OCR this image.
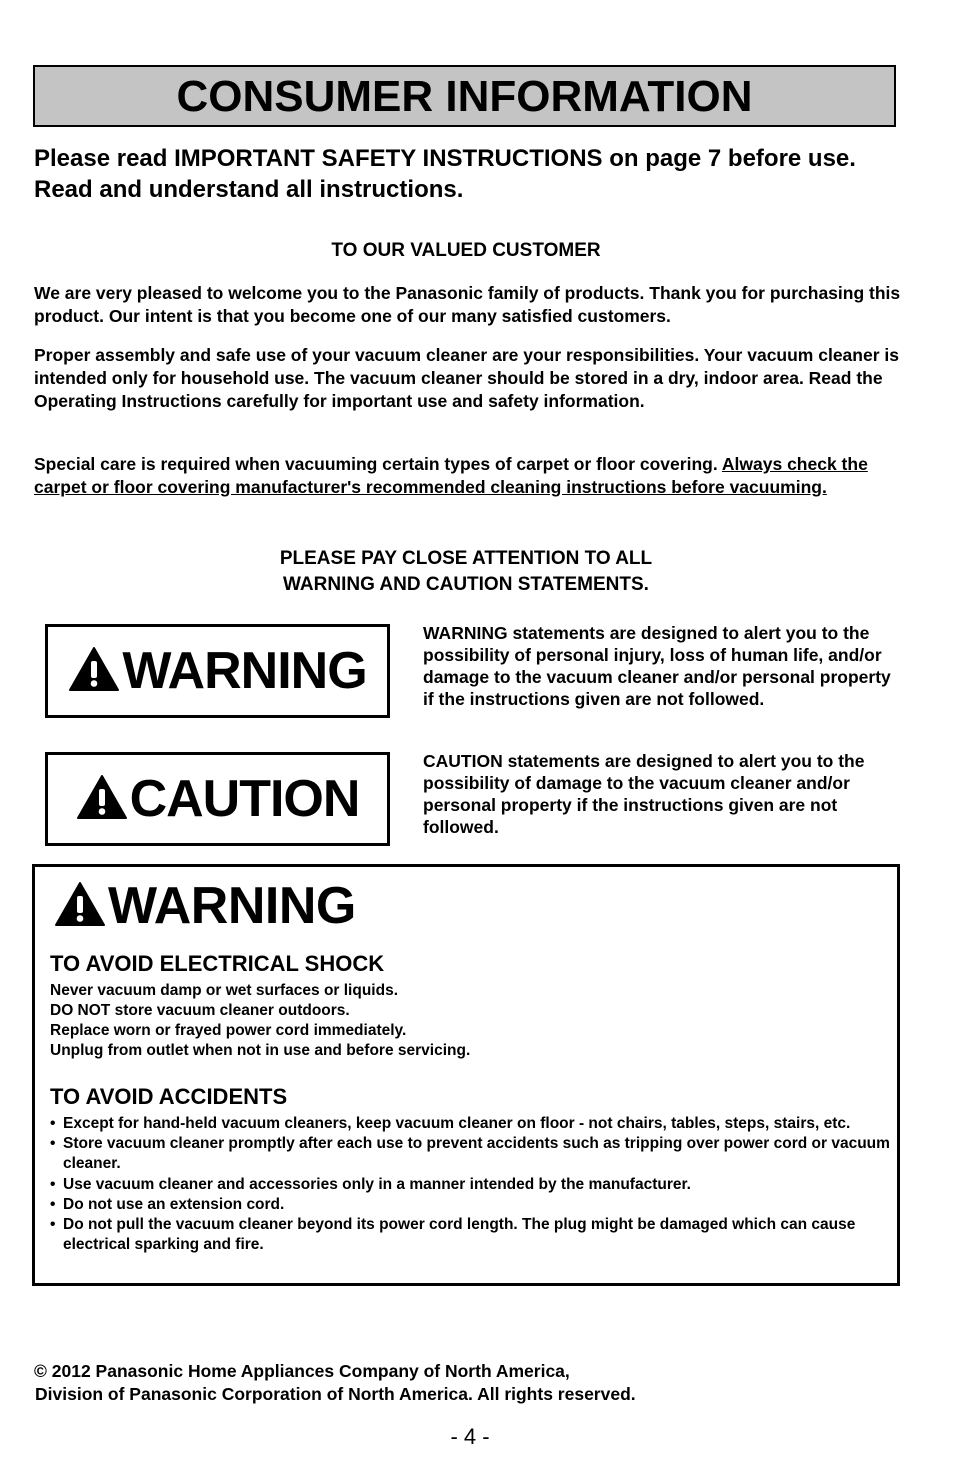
CONSUMER INFORMATION
Please read IMPORTANT SAFETY INSTRUCTIONS on page 7 before use. Read and understand all instructions.
TO OUR VALUED CUSTOMER

We are very pleased to welcome you to the Panasonic family of products. Thank you for purchasing this product. Our intent is that you become one of our many satisfied customers.

Proper assembly and safe use of your vacuum cleaner are your responsibilities. Your vacuum cleaner is intended only for household use. The vacuum cleaner should be stored in a dry, indoor area. Read the Operating Instructions carefully for important use and safety information.

Special care is required when vacuuming certain types of carpet or floor covering. Always check the carpet or floor covering manufacturer's recommended cleaning instructions before vacuuming.

PLEASE PAY CLOSE ATTENTION TO ALL
WARNING AND CAUTION STATEMENTS.
WARNING
WARNING statements are designed to alert you to the possibility of personal injury, loss of human life, and/or damage to the vacuum cleaner and/or personal property if the instructions given are not followed.
CAUTION
CAUTION statements are designed to alert you to the possibility of damage to the vacuum cleaner and/or personal property if the instructions given are not followed.
WARNING
TO AVOID ELECTRICAL SHOCK
Never vacuum damp or wet surfaces or liquids.
DO NOT store vacuum cleaner outdoors.
Replace worn or frayed power cord immediately.
Unplug from outlet when not in use and before servicing.
TO AVOID ACCIDENTS
• Except for hand-held vacuum cleaners, keep vacuum cleaner on floor - not chairs, tables, steps, stairs, etc.
• Store vacuum cleaner promptly after each use to prevent accidents such as tripping over power cord or vacuum cleaner.
• Use vacuum cleaner and accessories only in a manner intended by the manufacturer.
• Do not use an extension cord.
• Do not pull the vacuum cleaner beyond its power cord length. The plug might be damaged which can cause electrical sparking and fire.
© 2012 Panasonic Home Appliances Company of North America,
Division of Panasonic Corporation of North America. All rights reserved.
- 4 -
